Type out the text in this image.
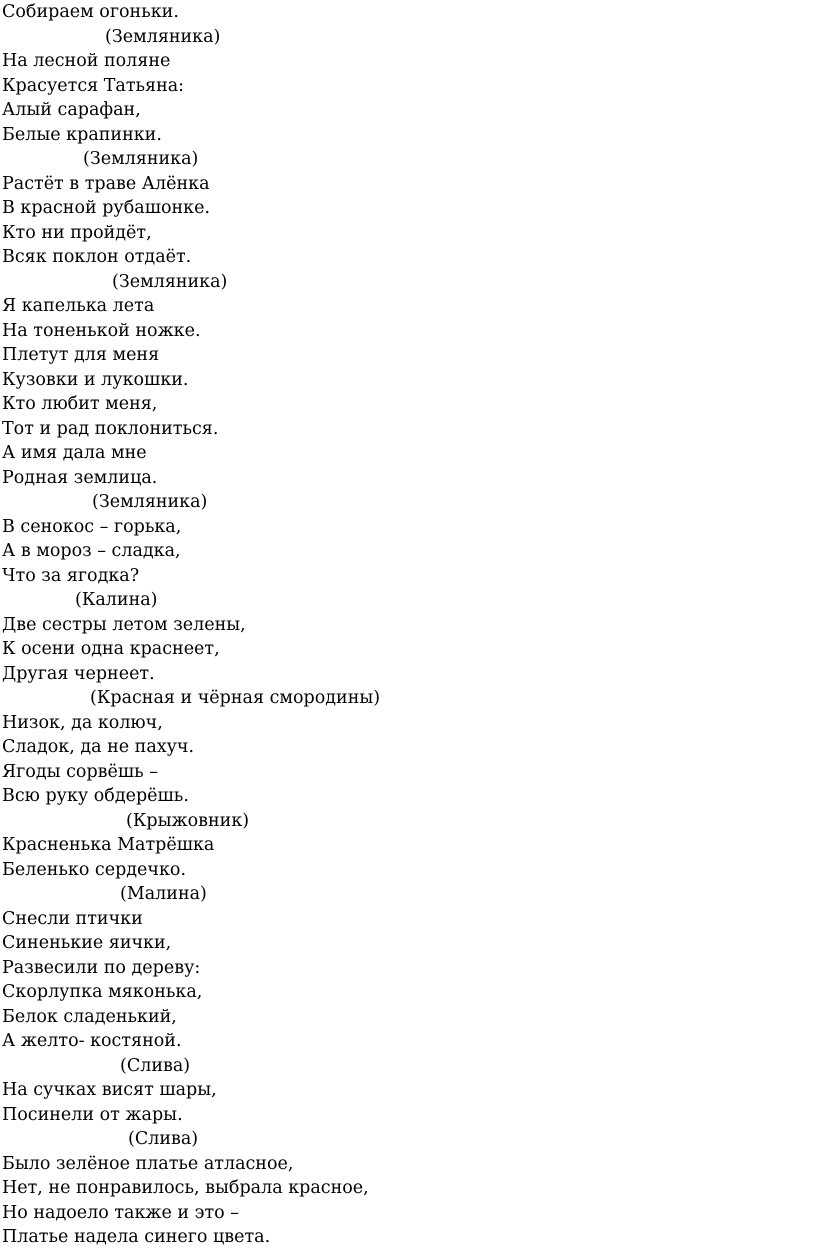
Собираем огоньки.
(Земляника)
На лесной поляне
Красуется Татьяна:
Алый сарафан,
Белые крапинки.
(Земляника)
Растёт в траве Алёнка
В красной рубашонке.
Кто ни пройдёт,
Всяк поклон отдаёт.
(Земляника)
Я капелька лета
На тоненькой ножке.
Плетут для меня
Кузовки и лукошки.
Кто любит меня,
Тот и рад поклониться.
А имя дала мне
Родная землица.
(Земляника)
В сенокос – горька,
А в мороз – сладка,
Что за ягодка?
(Калина)
Две сестры летом зелены,
К осени одна краснеет,
Другая чернеет.
(Красная и чёрная смородины)
Низок, да колюч,
Сладок, да не пахуч.
Ягоды сорвёшь –
Всю руку обдерёшь.
(Крыжовник)
Красненька Матрёшка
Беленько сердечко.
(Малина)
Снесли птички
Синенькие яички,
Развесили по дереву:
Скорлупка мяконька,
Белок сладенький,
А желто- костяной.
(Слива)
На сучках висят шары,
Посинели от жары.
(Слива)
Было зелёное платье атласное,
Нет, не понравилось, выбрала красное,
Но надоело также и это –
Платье надела синего цвета.
